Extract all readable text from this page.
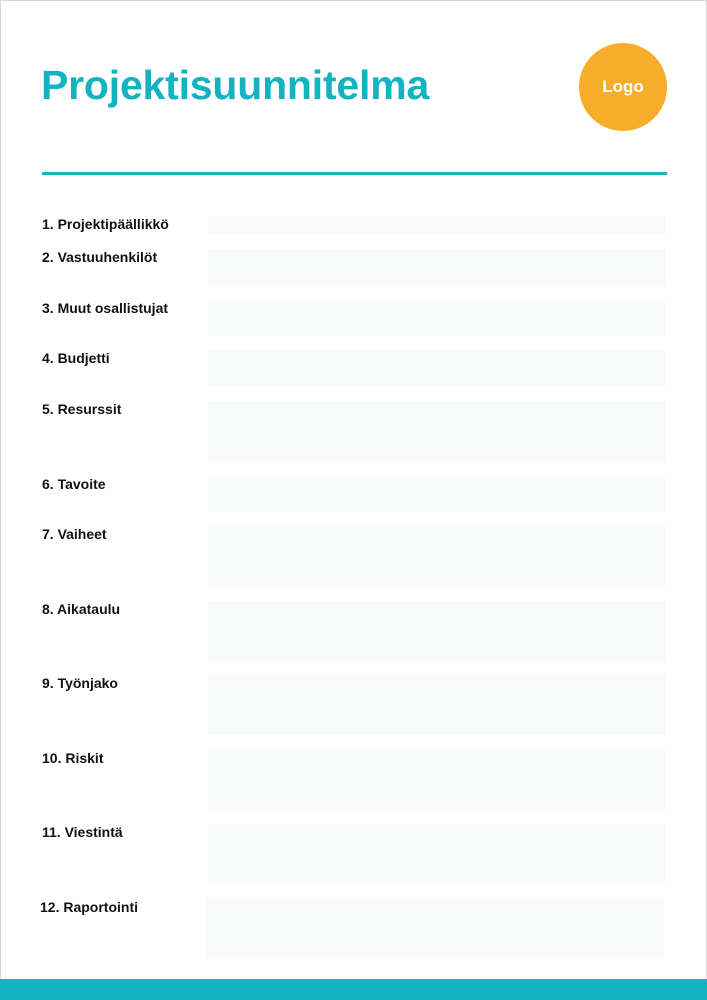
Projektisuunnitelma	Logo
1. Projektipäällikkö
2. Vastuuhenkilöt
3. Muut osallistujat
4. Budjetti
5. Resurssit
6. Tavoite
7. Vaiheet
8. Aikataulu
9. Työnjako
10. Riskit
11. Viestintä
12. Raportointi
